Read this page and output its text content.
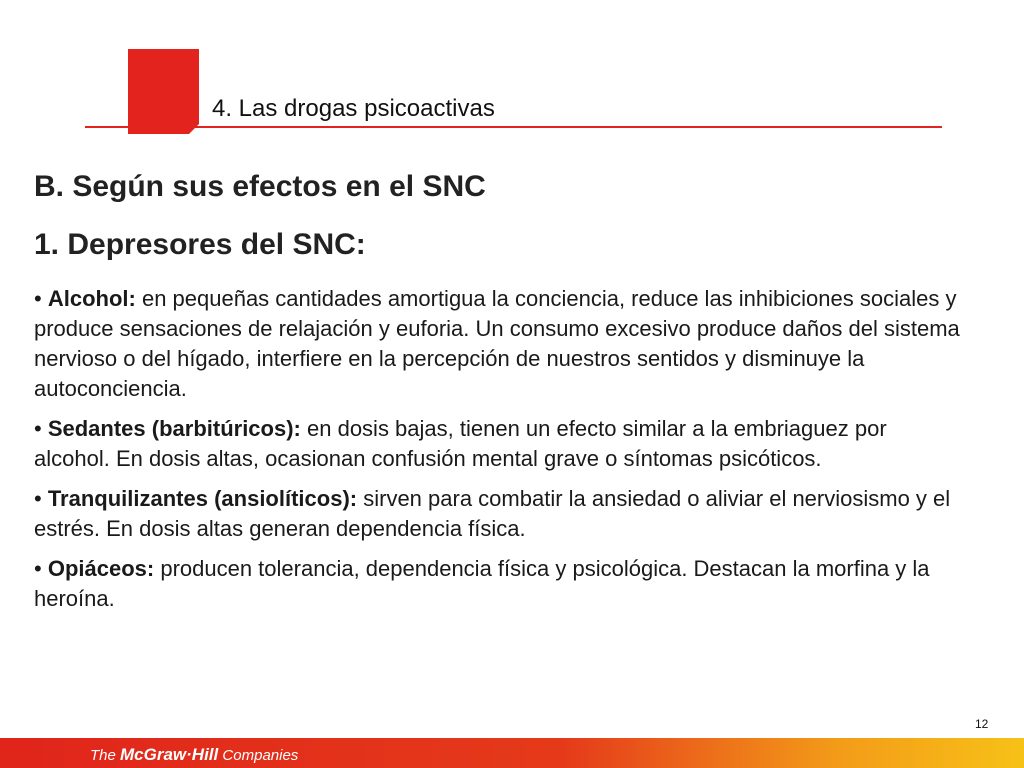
4. Las drogas psicoactivas
B. Según sus efectos en el SNC
1. Depresores del SNC:
• Alcohol: en pequeñas cantidades amortigua la conciencia, reduce las inhibiciones sociales y produce sensaciones de relajación y euforia. Un consumo excesivo produce daños del sistema nervioso o del hígado, interfiere en la percepción de nuestros sentidos y disminuye la autoconciencia.
• Sedantes (barbitúricos): en dosis bajas, tienen un efecto similar a la embriaguez por alcohol. En dosis altas, ocasionan confusión mental grave o síntomas psicóticos.
• Tranquilizantes (ansiolíticos): sirven para combatir la ansiedad o aliviar el nerviosismo y el estrés. En dosis altas generan dependencia física.
• Opiáceos: producen tolerancia, dependencia física y psicológica. Destacan la morfina y la heroína.
12
The McGraw·Hill Companies
